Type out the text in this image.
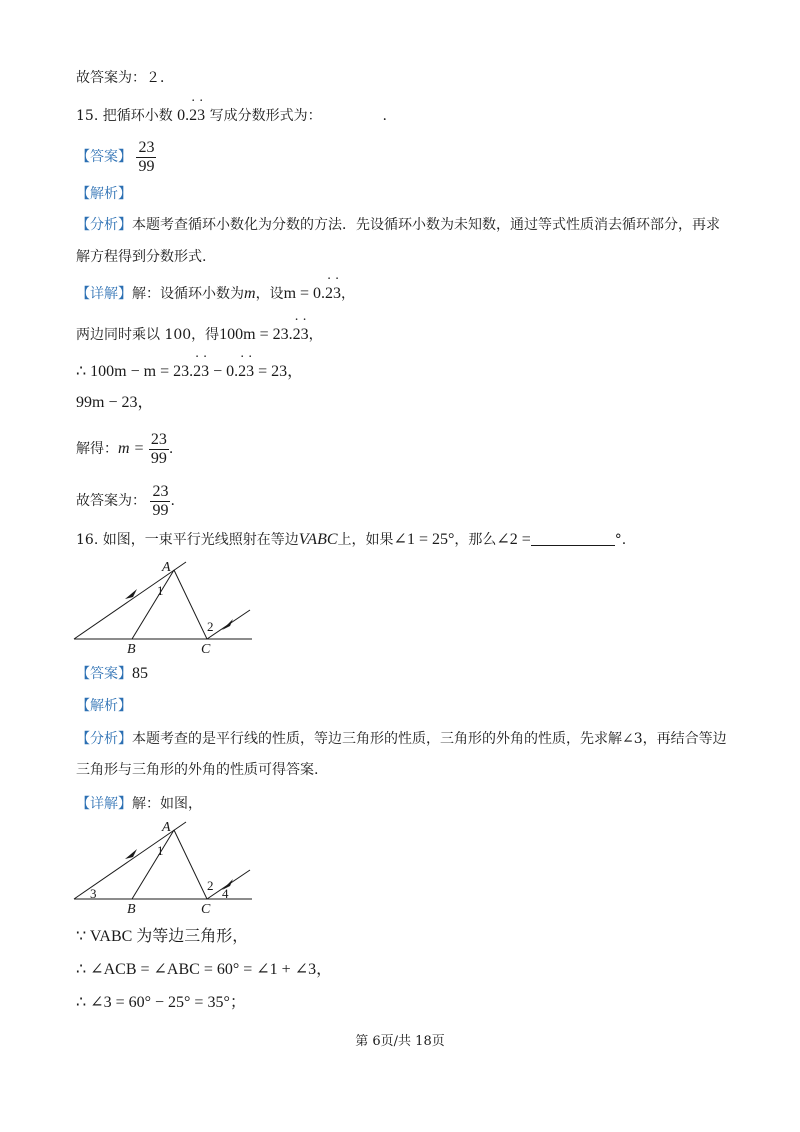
故答案为：２．
15. 把循环小数 0.· 2· 3 写成分数形式为：	.
【答案】 $\frac{23}{99}$
【解析】
【分析】本题考查循环小数化为分数的方法．先设循环小数为未知数，通过等式性质消去循环部分，再求
解方程得到分数形式.
【详解】解：设循环小数为m，设m = 0.· 2· 3，
两边同时乘以 100，得100m = 23.· 2· 3，
∴ 100m − m = 23.· 2· 3 − 0.· 2· 3 = 23，
99m − 23，
解得：$m = \frac{23}{99}$ .
故答案为： $\frac{23}{99}$ .
16. 如图，一束平行光线照射在等边VABC上，如果∠1 = 25°，那么∠2 =	°.
A
B	C
1
2
【答案】85
【解析】
【分析】本题考查的是平行线的性质，等边三角形的性质，三角形的外角的性质，先求解∠3，再结合等边
三角形与三角形的外角的性质可得答案.
【详解】解：如图，
A
B	C
1
2
3	4
∵ VABC 为等边三角形，
∴ ∠ACB = ∠ABC = 60° = ∠1 + ∠3，
∴ ∠3 = 60° − 25° = 35°；
第 6页/共 18页
